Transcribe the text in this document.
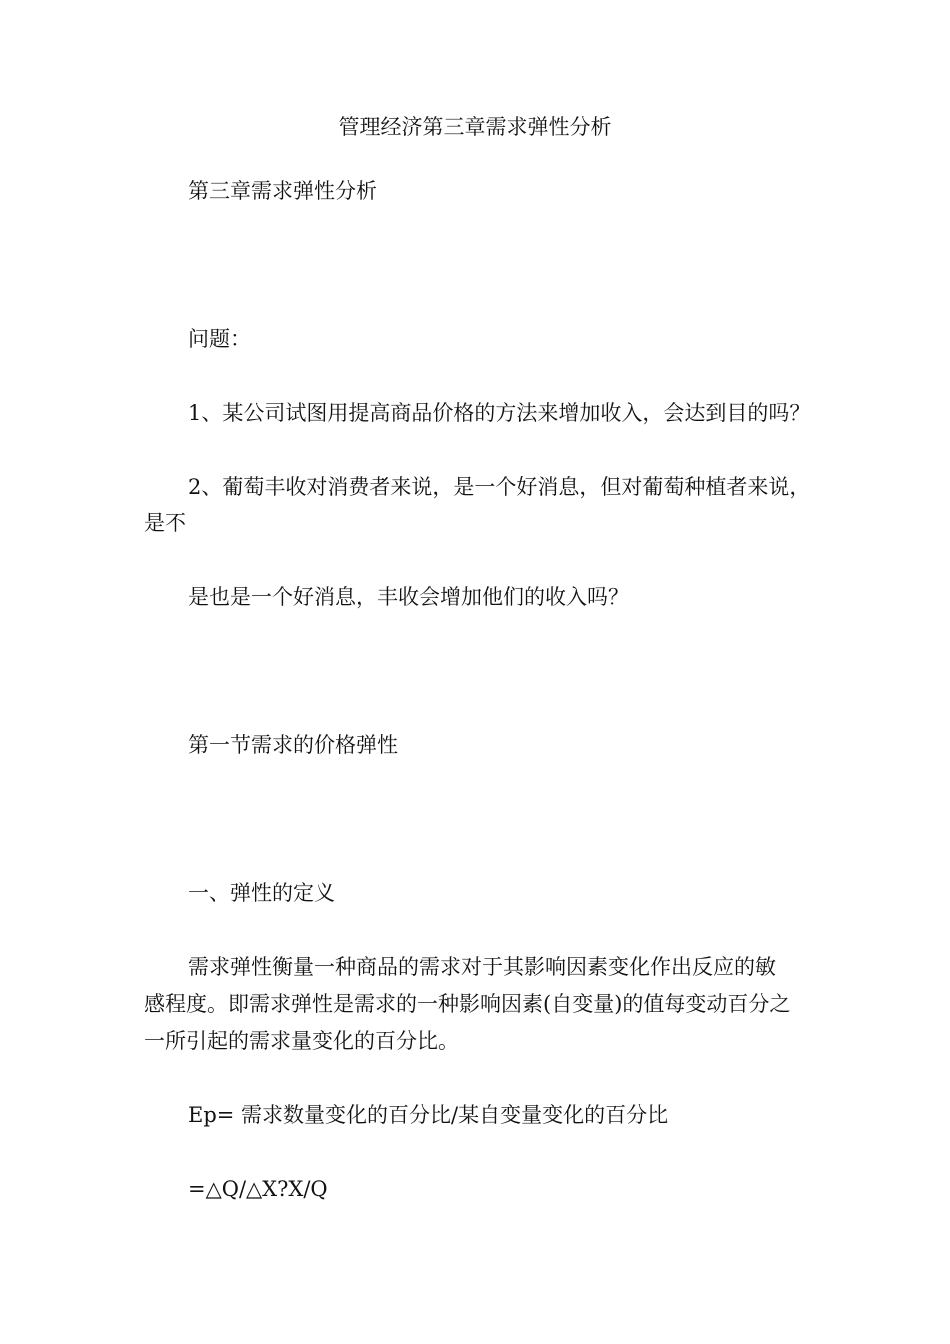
管理经济第三章需求弹性分析
第三章需求弹性分析
问题：
1、某公司试图用提高商品价格的方法来增加收入，会达到目的吗？
2、葡萄丰收对消费者来说，是一个好消息，但对葡萄种植者来说，
是不
是也是一个好消息，丰收会增加他们的收入吗？
第一节需求的价格弹性
一、弹性的定义
需求弹性衡量一种商品的需求对于其影响因素变化作出反应的敏
感程度。即需求弹性是需求的一种影响因素(自变量)的值每变动百分之
一所引起的需求量变化的百分比。
Ep= 需求数量变化的百分比/某自变量变化的百分比
=△Q/△X?X/Q
